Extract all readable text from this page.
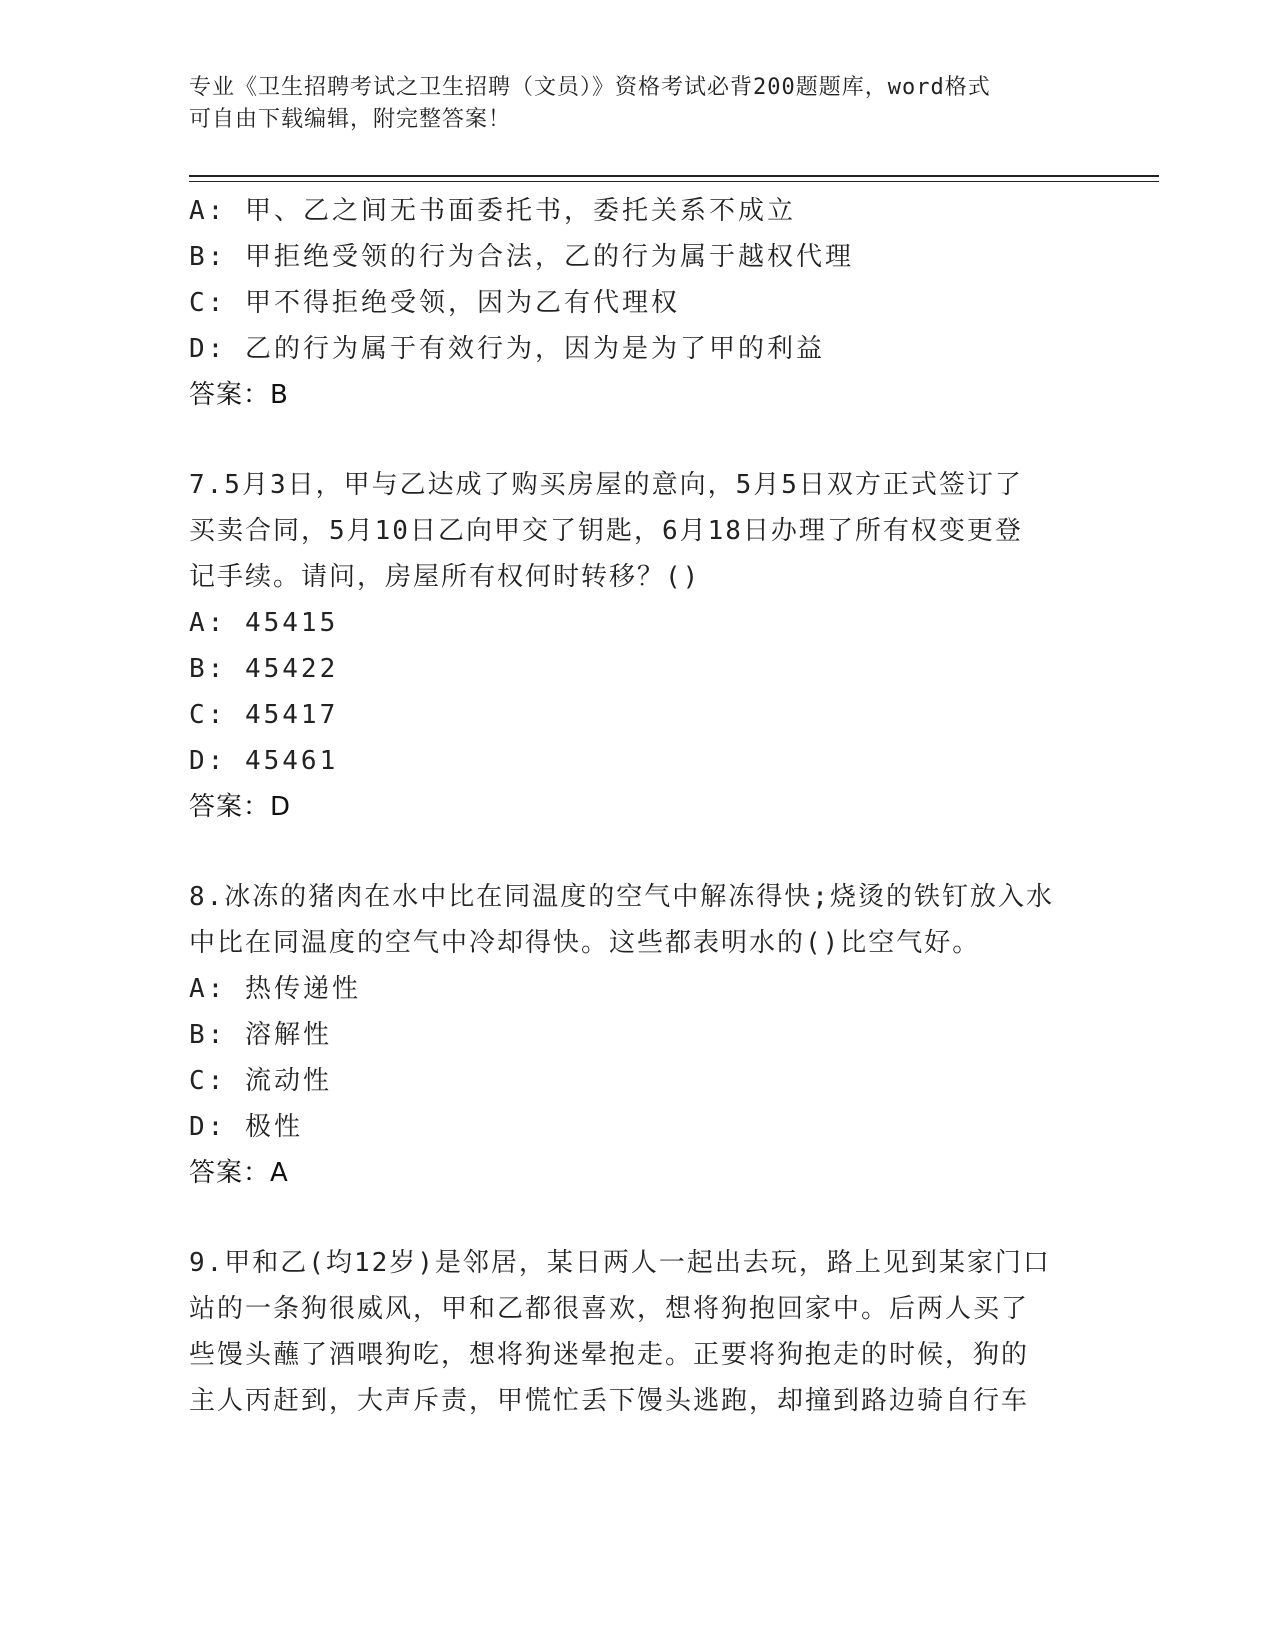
专业《卫生招聘考试之卫生招聘（文员）》资格考试必背200题题库，word格式
可自由下载编辑，附完整答案！
A: 甲、乙之间无书面委托书，委托关系不成立
B: 甲拒绝受领的行为合法，乙的行为属于越权代理
C: 甲不得拒绝受领，因为乙有代理权
D: 乙的行为属于有效行为，因为是为了甲的利益
答案：B
7.5月3日，甲与乙达成了购买房屋的意向，5月5日双方正式签订了
买卖合同，5月10日乙向甲交了钥匙，6月18日办理了所有权变更登
记手续。请问，房屋所有权何时转移？()
A: 45415
B: 45422
C: 45417
D: 45461
答案：D
8.冰冻的猪肉在水中比在同温度的空气中解冻得快;烧烫的铁钉放入水
中比在同温度的空气中冷却得快。这些都表明水的()比空气好。
A: 热传递性
B: 溶解性
C: 流动性
D: 极性
答案：A
9.甲和乙(均12岁)是邻居，某日两人一起出去玩，路上见到某家门口
站的一条狗很威风，甲和乙都很喜欢，想将狗抱回家中。后两人买了
些馒头蘸了酒喂狗吃，想将狗迷晕抱走。正要将狗抱走的时候，狗的
主人丙赶到，大声斥责，甲慌忙丢下馒头逃跑，却撞到路边骑自行车
